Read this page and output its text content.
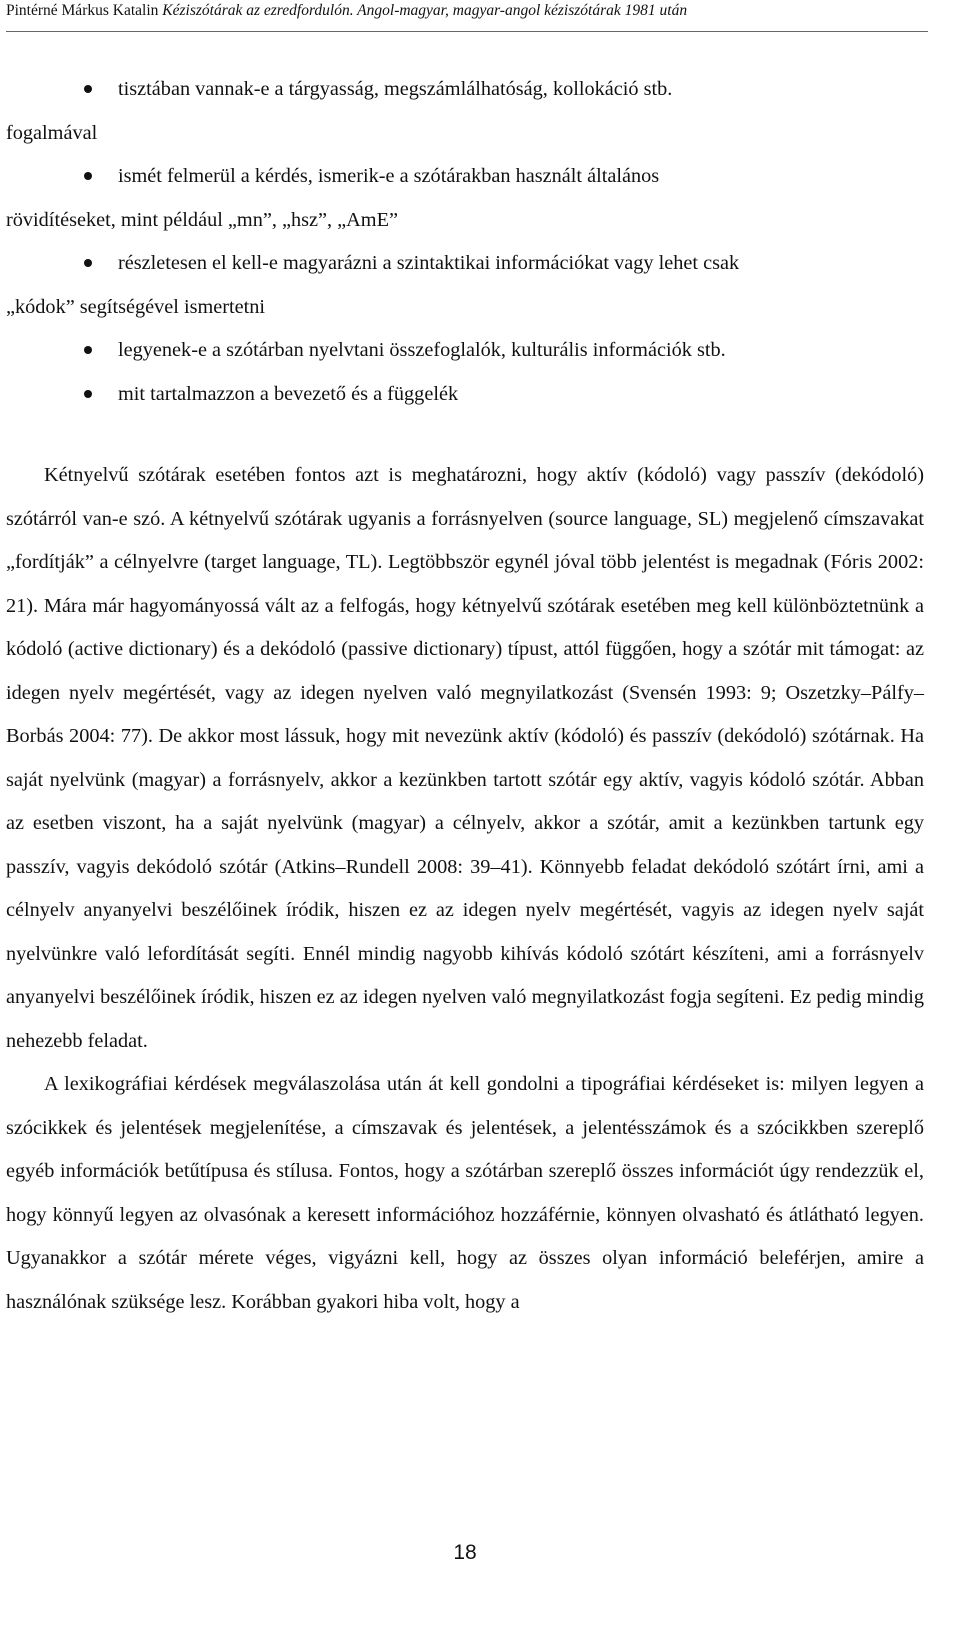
Pintérné Márkus Katalin Kéziszótárak az ezredfordulón. Angol-magyar, magyar-angol kéziszótárak 1981 után
tisztában vannak-e a tárgyasság, megszámlálhatóság, kollokáció stb.
fogalmával
ismét felmerül a kérdés, ismerik-e a szótárakban használt általános
rövidítéseket, mint például „mn”, „hsz”, „AmE”
részletesen el kell-e magyarázni a szintaktikai információkat vagy lehet csak
„kódok” segítségével ismertetni
legyenek-e a szótárban nyelvtani összefoglalók, kulturális információk stb.
mit tartalmazzon a bevezető és a függelék

Kétnyelvű szótárak esetében fontos azt is meghatározni, hogy aktív (kódoló) vagy passzív (dekódoló) szótárról van-e szó. A kétnyelvű szótárak ugyanis a forrásnyelven (source language, SL) megjelenő címszavakat „fordítják” a célnyelvre (target language, TL). Legtöbbször egynél jóval több jelentést is megadnak (Fóris 2002: 21). Mára már hagyományossá vált az a felfogás, hogy kétnyelvű szótárak esetében meg kell különböztetnünk a kódoló (active dictionary) és a dekódoló (passive dictionary) típust, attól függően, hogy a szótár mit támogat: az idegen nyelv megértését, vagy az idegen nyelven való megnyilatkozást (Svensén 1993: 9; Oszetzky–Pálfy–Borbás 2004: 77). De akkor most lássuk, hogy mit nevezünk aktív (kódoló) és passzív (dekódoló) szótárnak. Ha saját nyelvünk (magyar) a forrásnyelv, akkor a kezünkben tartott szótár egy aktív, vagyis kódoló szótár. Abban az esetben viszont, ha a saját nyelvünk (magyar) a célnyelv, akkor a szótár, amit a kezünkben tartunk egy passzív, vagyis dekódoló szótár (Atkins–Rundell 2008: 39–41). Könnyebb feladat dekódoló szótárt írni, ami a célnyelv anyanyelvi beszélőinek íródik, hiszen ez az idegen nyelv megértését, vagyis az idegen nyelv saját nyelvünkre való lefordítását segíti. Ennél mindig nagyobb kihívás kódoló szótárt készíteni, ami a forrásnyelv anyanyelvi beszélőinek íródik, hiszen ez az idegen nyelven való megnyilatkozást fogja segíteni. Ez pedig mindig nehezebb feladat.

A lexikográfiai kérdések megválaszolása után át kell gondolni a tipográfiai kérdéseket is: milyen legyen a szócikkek és jelentések megjelenítése, a címszavak és jelentések, a jelentésszámok és a szócikkben szereplő egyéb információk betűtípusa és stílusa. Fontos, hogy a szótárban szereplő összes információt úgy rendezzük el, hogy könnyű legyen az olvasónak a keresett információhoz hozzáférnie, könnyen olvasható és átlátható legyen. Ugyanakkor a szótár mérete véges, vigyázni kell, hogy az összes olyan információ beleférjen, amire a használónak szüksége lesz. Korábban gyakori hiba volt, hogy a

18
